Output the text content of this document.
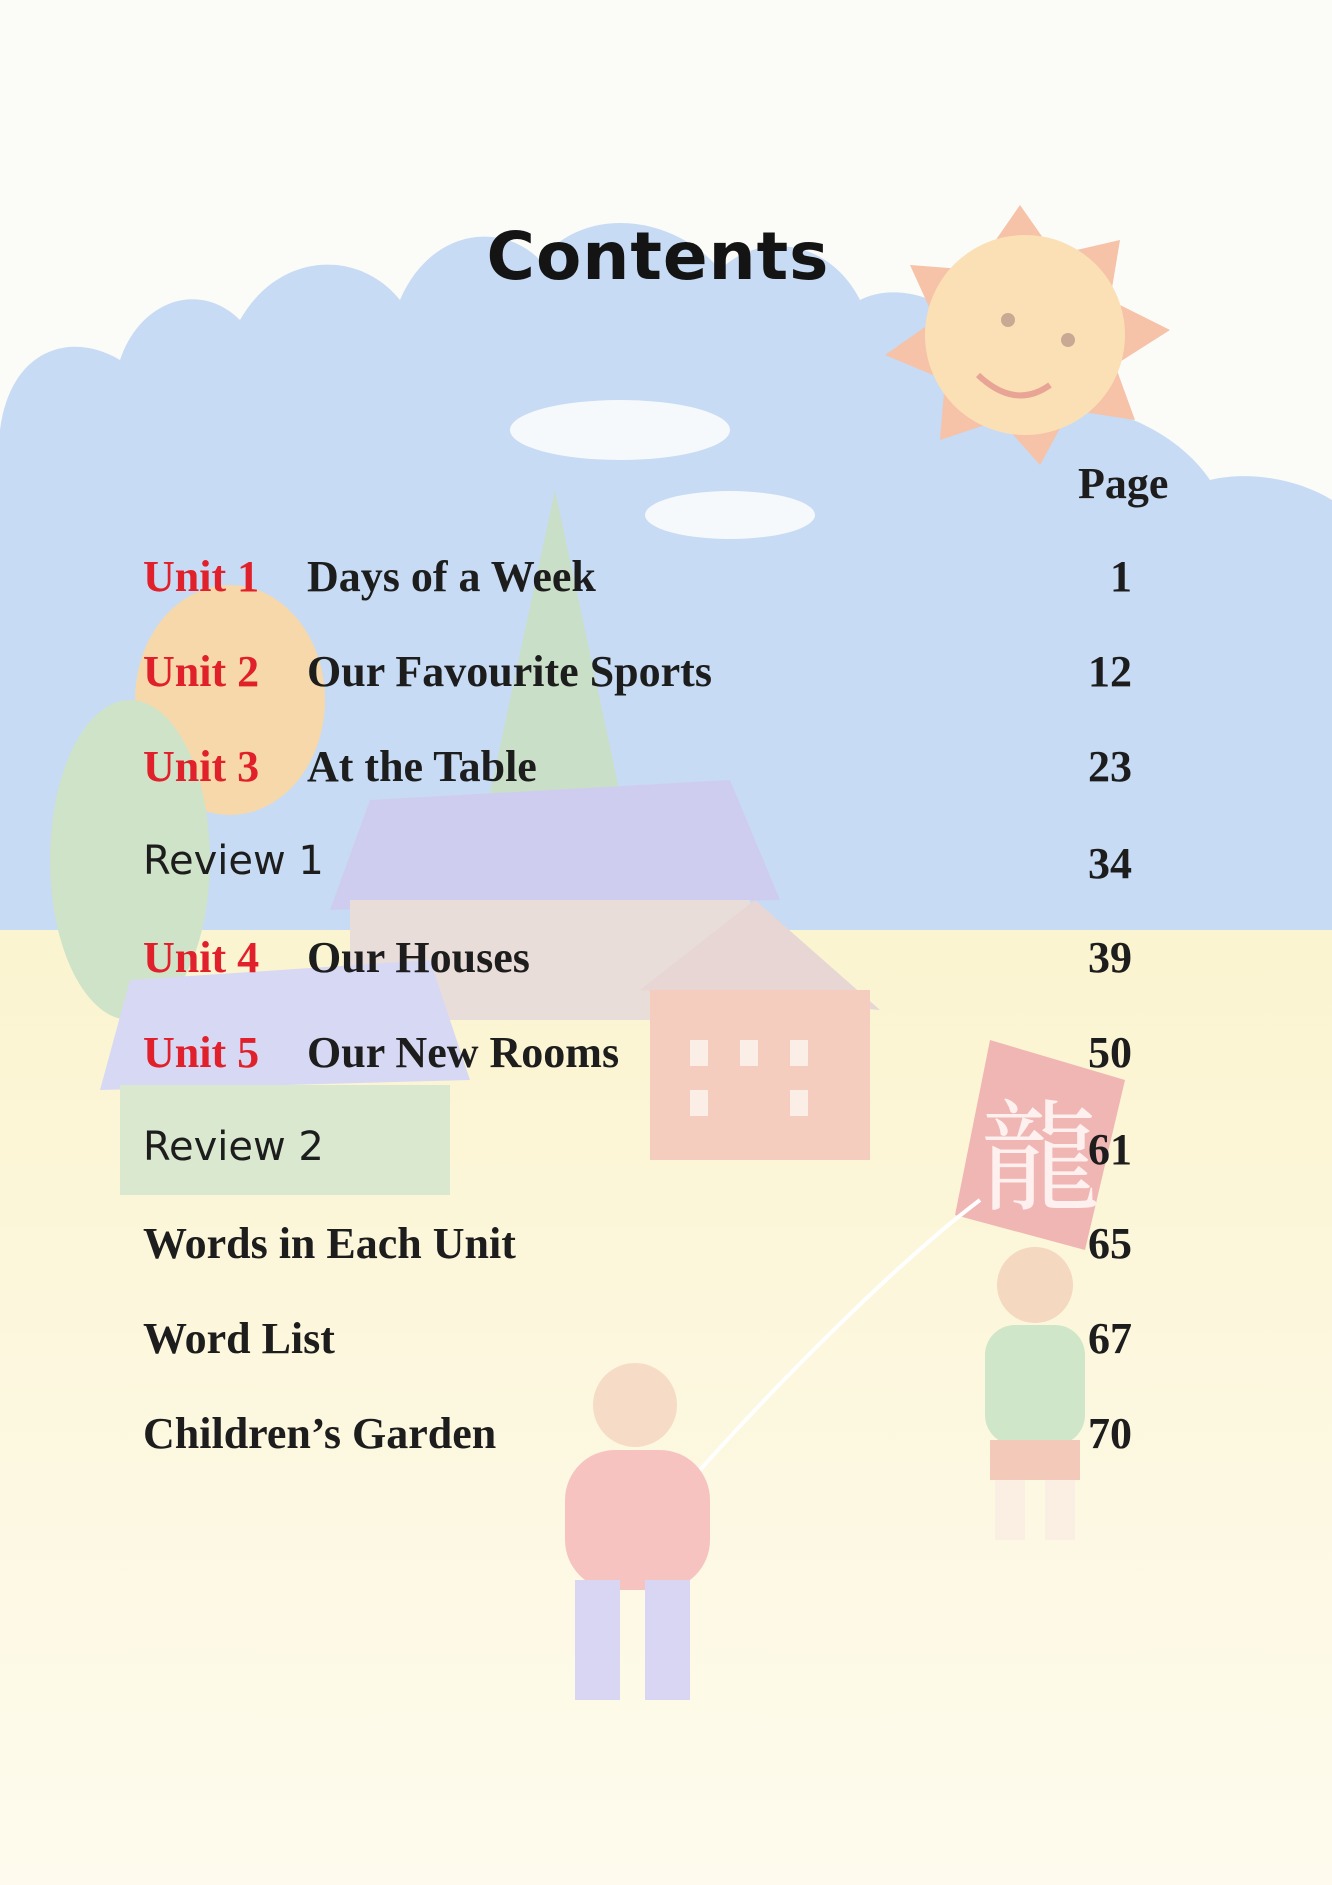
龍
Contents
Page
Unit 1 Days of a Week	1
Unit 2 Our Favourite Sports	12
Unit 3 At the Table	23
Review 1	34
Unit 4 Our Houses	39
Unit 5 Our New Rooms	50
Review 2	61
Words in Each Unit	65
Word List	67
Children’s Garden	70
